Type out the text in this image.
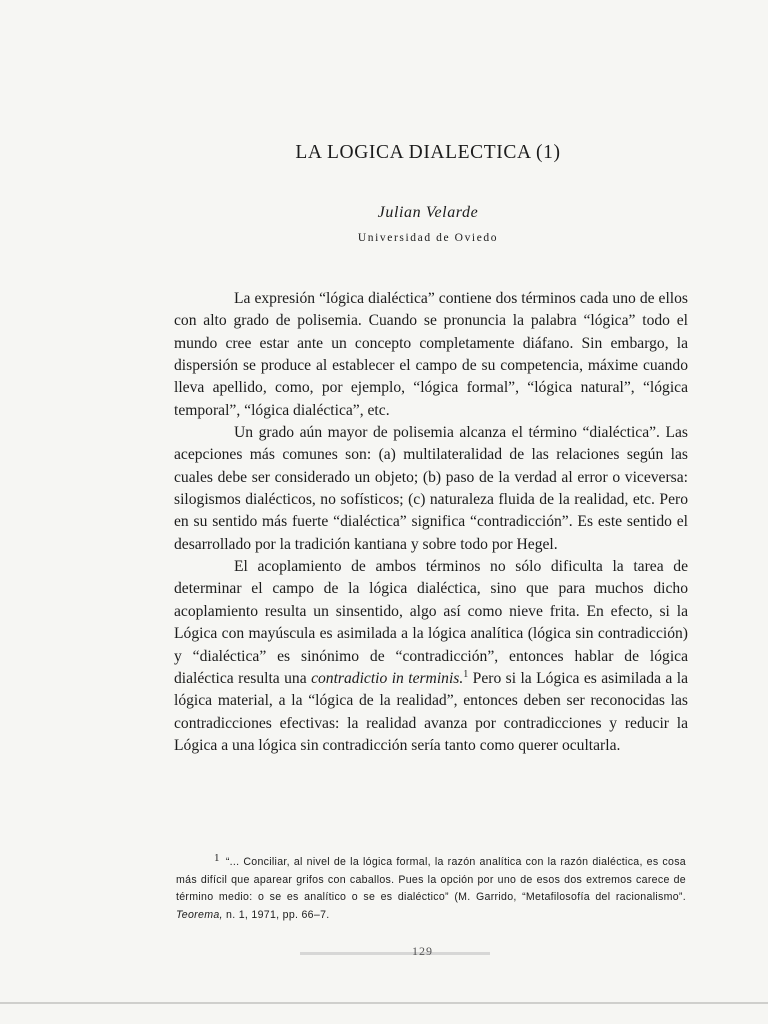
LA LOGICA DIALECTICA (1)
Julian Velarde
Universidad de Oviedo

La expresión “lógica dialéctica” contiene dos términos cada uno de ellos con alto grado de polisemia. Cuando se pronuncia la palabra “lógica” todo el mundo cree estar ante un concepto completamente diáfano. Sin embargo, la dispersión se produce al establecer el campo de su competencia, máxime cuando lleva apellido, como, por ejemplo, “lógica formal”, “lógica natural”, “lógica temporal”, “lógica dialéctica”, etc.

Un grado aún mayor de polisemia alcanza el término “dialéctica”. Las acepciones más comunes son: (a) multilateralidad de las relaciones según las cuales debe ser considerado un objeto; (b) paso de la verdad al error o viceversa: silogismos dialécticos, no sofísticos; (c) naturaleza fluida de la realidad, etc. Pero en su sentido más fuerte “dialéctica” significa “contradicción”. Es este sentido el desarrollado por la tradición kantiana y sobre todo por Hegel.

El acoplamiento de ambos términos no sólo dificulta la tarea de determinar el campo de la lógica dialéctica, sino que para muchos dicho acoplamiento resulta un sinsentido, algo así como nieve frita. En efecto, si la Lógica con mayúscula es asimilada a la lógica analítica (lógica sin contradicción) y “dialéctica” es sinónimo de “contradicción”, entonces hablar de lógica dialéctica resulta una contradictio in terminis.$^1$ Pero si la Lógica es asimilada a la lógica material, a la “lógica de la realidad”, entonces deben ser reconocidas las contradicciones efectivas: la realidad avanza por contradicciones y reducir la Lógica a una lógica sin contradicción sería tanto como querer ocultarla.

1 “... Conciliar, al nivel de la lógica formal, la razón analítica con la razón dialéctica, es cosa más difícil que aparear grifos con caballos. Pues la opción por uno de esos dos extremos carece de término medio: o se es analítico o se es dialéctico” (M. Garrido, “Metafilosofía del racionalismo”. Teorema, n. 1, 1971, pp. 66–7.
129
